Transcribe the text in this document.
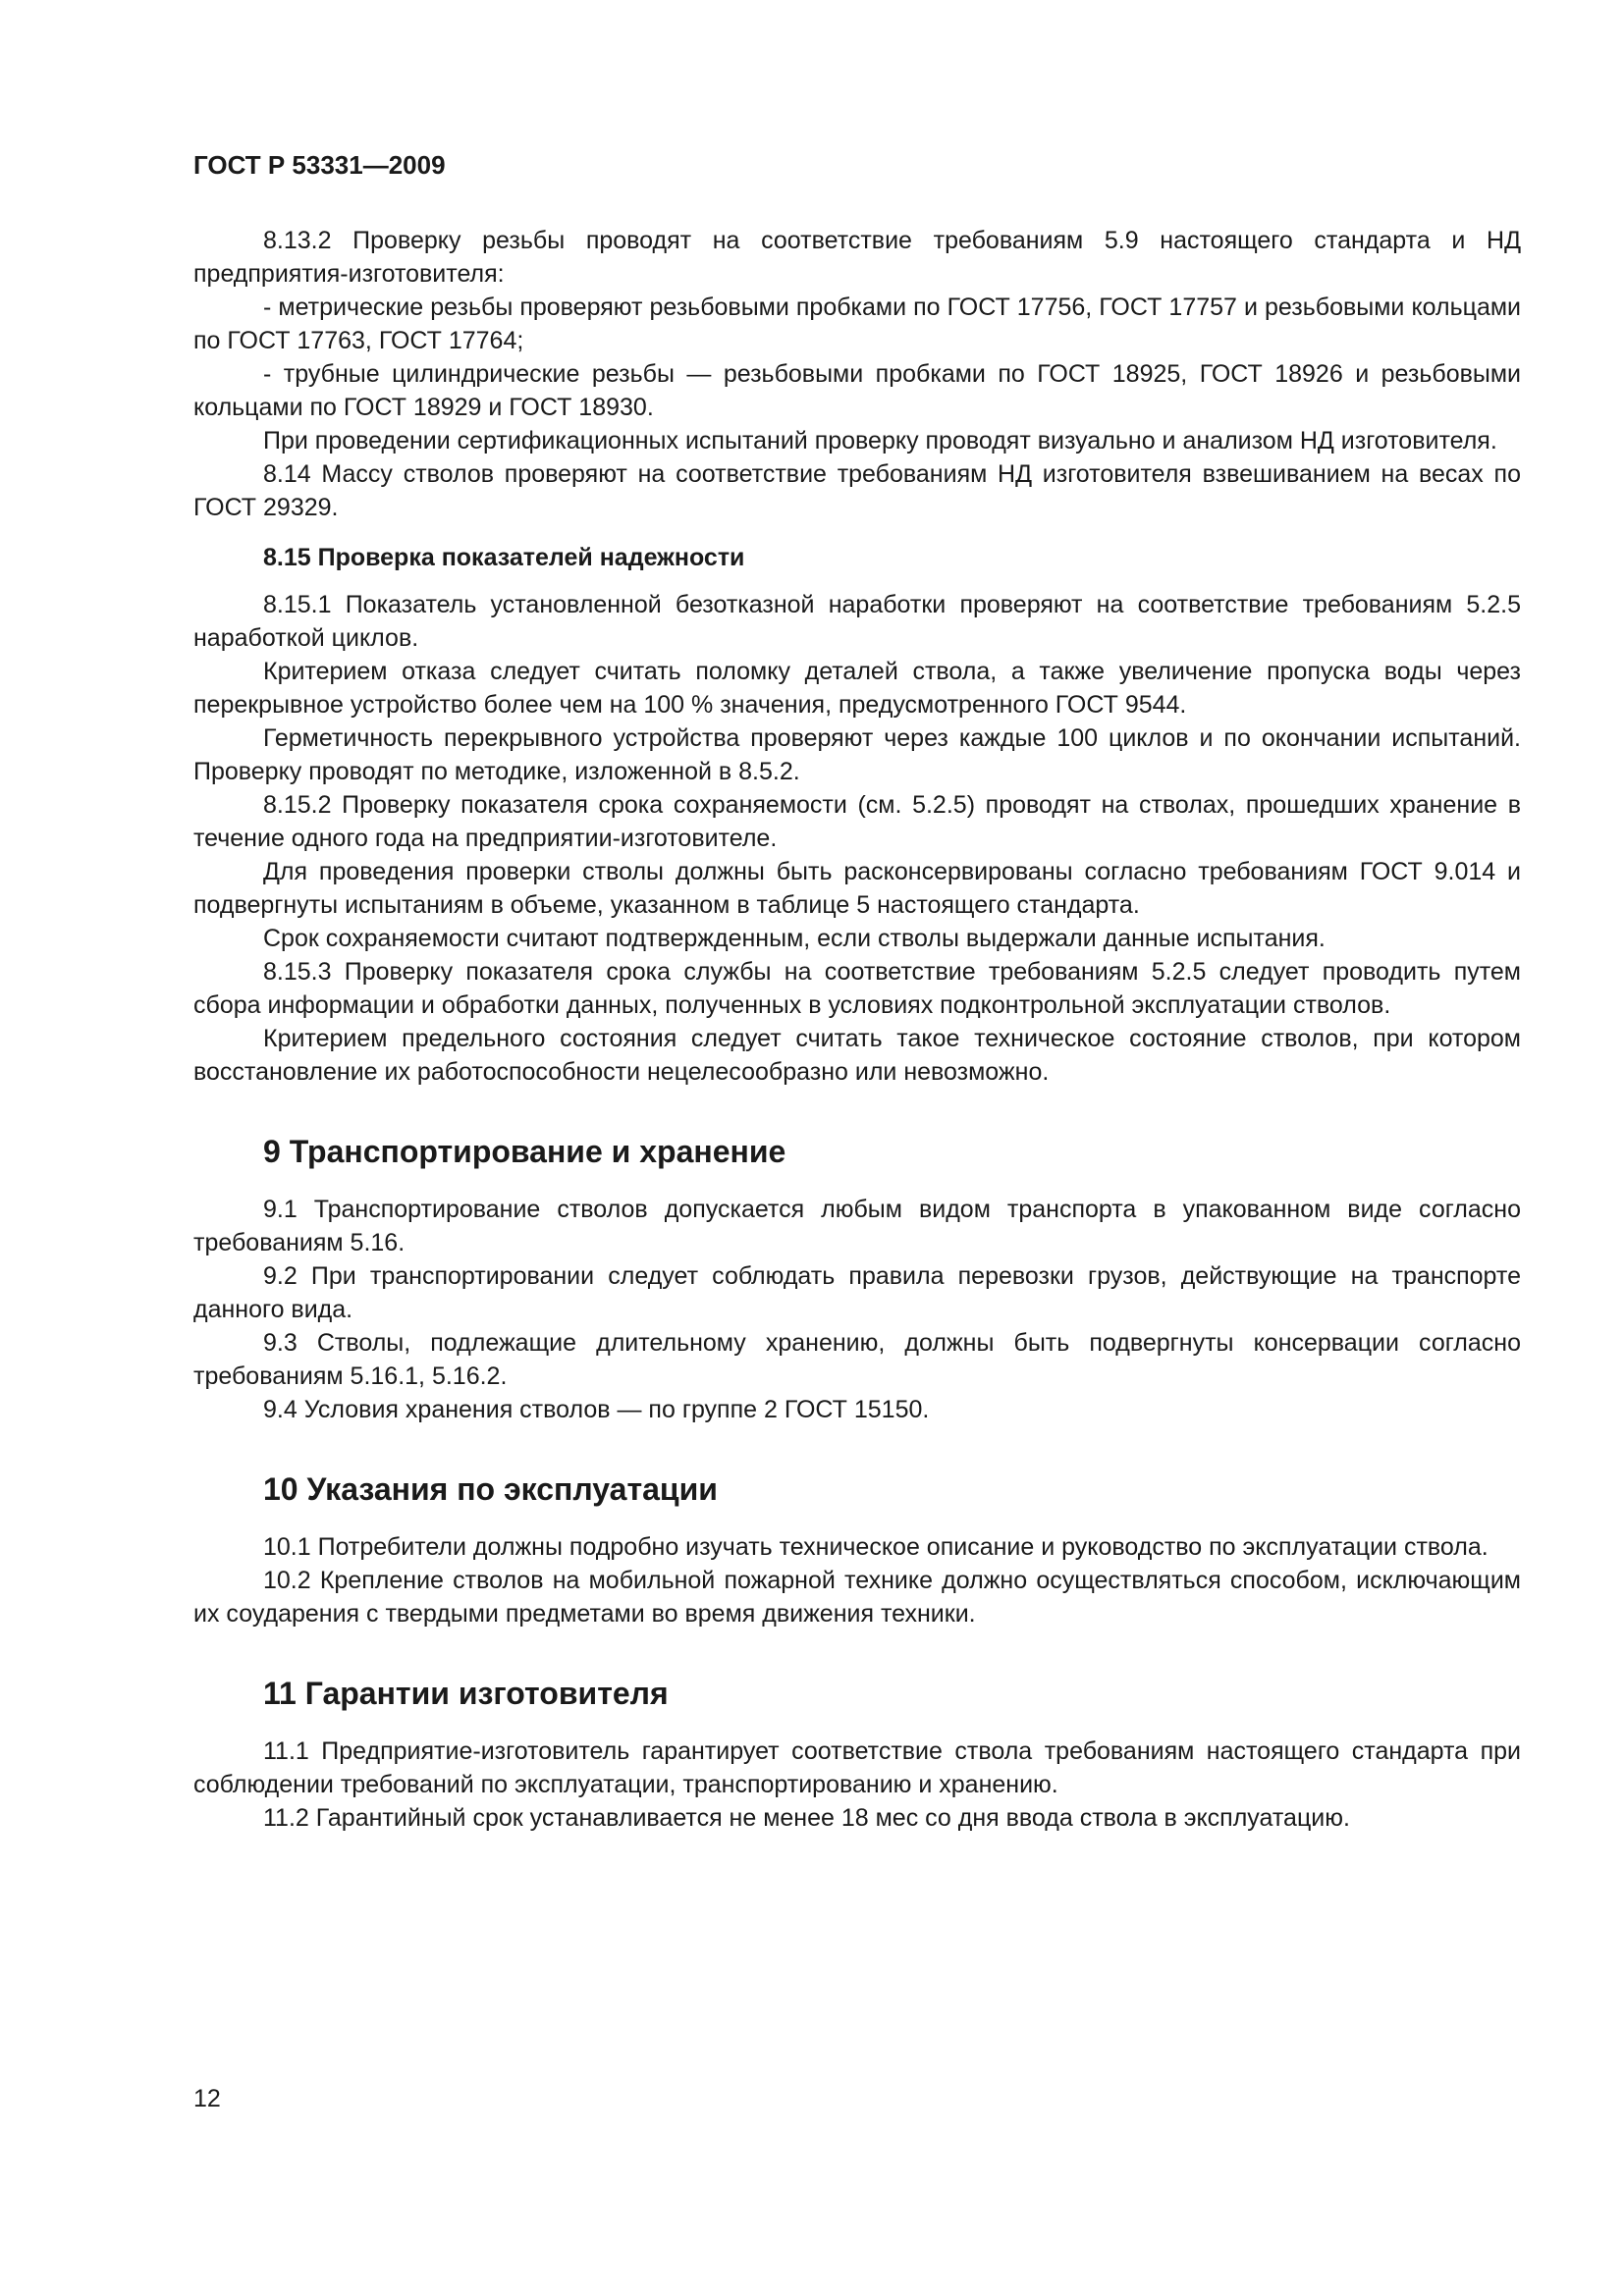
ГОСТ Р 53331—2009

8.13.2 Проверку резьбы проводят на соответствие требованиям 5.9 настоящего стандарта и НД предприятия-изготовителя:

- метрические резьбы проверяют резьбовыми пробками по ГОСТ 17756, ГОСТ 17757 и резьбовыми кольцами по ГОСТ 17763, ГОСТ 17764;

- трубные цилиндрические резьбы — резьбовыми пробками по ГОСТ 18925, ГОСТ 18926 и резьбовыми кольцами по ГОСТ 18929 и ГОСТ 18930.

При проведении сертификационных испытаний проверку проводят визуально и анализом НД изготовителя.

8.14 Массу стволов проверяют на соответствие требованиям НД изготовителя взвешиванием на весах по ГОСТ 29329.

8.15 Проверка показателей надежности

8.15.1 Показатель установленной безотказной наработки проверяют на соответствие требованиям 5.2.5 наработкой циклов.

Критерием отказа следует считать поломку деталей ствола, а также увеличение пропуска воды через перекрывное устройство более чем на 100 % значения, предусмотренного ГОСТ 9544.

Герметичность перекрывного устройства проверяют через каждые 100 циклов и по окончании испытаний. Проверку проводят по методике, изложенной в 8.5.2.

8.15.2 Проверку показателя срока сохраняемости (см. 5.2.5) проводят на стволах, прошедших хранение в течение одного года на предприятии-изготовителе.

Для проведения проверки стволы должны быть расконсервированы согласно требованиям ГОСТ 9.014 и подвергнуты испытаниям в объеме, указанном в таблице 5 настоящего стандарта.

Срок сохраняемости считают подтвержденным, если стволы выдержали данные испытания.

8.15.3 Проверку показателя срока службы на соответствие требованиям 5.2.5 следует проводить путем сбора информации и обработки данных, полученных в условиях подконтрольной эксплуатации стволов.

Критерием предельного состояния следует считать такое техническое состояние стволов, при котором восстановление их работоспособности нецелесообразно или невозможно.

9 Транспортирование и хранение

9.1 Транспортирование стволов допускается любым видом транспорта в упакованном виде согласно требованиям 5.16.

9.2 При транспортировании следует соблюдать правила перевозки грузов, действующие на транспорте данного вида.

9.3 Стволы, подлежащие длительному хранению, должны быть подвергнуты консервации согласно требованиям 5.16.1, 5.16.2.

9.4 Условия хранения стволов — по группе 2 ГОСТ 15150.

10 Указания по эксплуатации

10.1 Потребители должны подробно изучать техническое описание и руководство по эксплуатации ствола.

10.2 Крепление стволов на мобильной пожарной технике должно осуществляться способом, исключающим их соударения с твердыми предметами во время движения техники.

11 Гарантии изготовителя

11.1 Предприятие-изготовитель гарантирует соответствие ствола требованиям настоящего стандарта при соблюдении требований по эксплуатации, транспортированию и хранению.

11.2 Гарантийный срок устанавливается не менее 18 мес со дня ввода ствола в эксплуатацию.

12
